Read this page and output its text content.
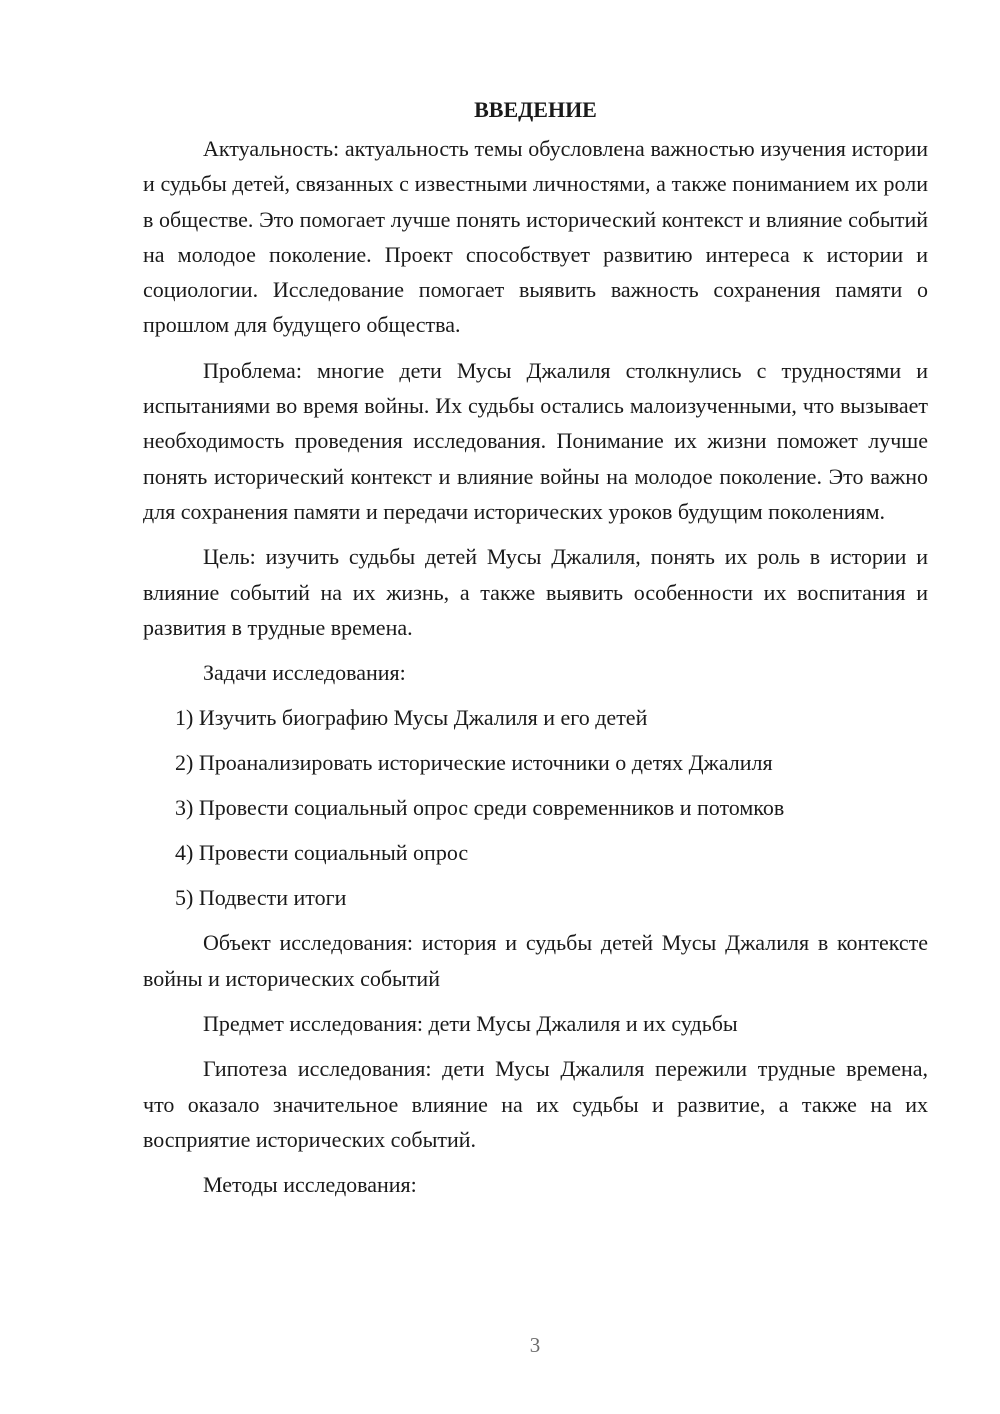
ВВЕДЕНИЕ

Актуальность: актуальность темы обусловлена важностью изучения истории и судьбы детей, связанных с известными личностями, а также пониманием их роли в обществе. Это помогает лучше понять исторический контекст и влияние событий на молодое поколение. Проект способствует развитию интереса к истории и социологии. Исследование помогает выявить важность сохранения памяти о прошлом для будущего общества.

Проблема: многие дети Мусы Джалиля столкнулись с трудностями и испытаниями во время войны. Их судьбы остались малоизученными, что вызывает необходимость проведения исследования. Понимание их жизни поможет лучше понять исторический контекст и влияние войны на молодое поколение. Это важно для сохранения памяти и передачи исторических уроков будущим поколениям.

Цель: изучить судьбы детей Мусы Джалиля, понять их роль в истории и влияние событий на их жизнь, а также выявить особенности их воспитания и развития в трудные времена.

Задачи исследования:

1) Изучить биографию Мусы Джалиля и его детей
2) Проанализировать исторические источники о детях Джалиля
3) Провести социальный опрос среди современников и потомков
4) Провести социальный опрос
5) Подвести итоги

Объект исследования: история и судьбы детей Мусы Джалиля в контексте войны и исторических событий

Предмет исследования: дети Мусы Джалиля и их судьбы

Гипотеза исследования: дети Мусы Джалиля пережили трудные времена, что оказало значительное влияние на их судьбы и развитие, а также на их восприятие исторических событий.

Методы исследования:

3
